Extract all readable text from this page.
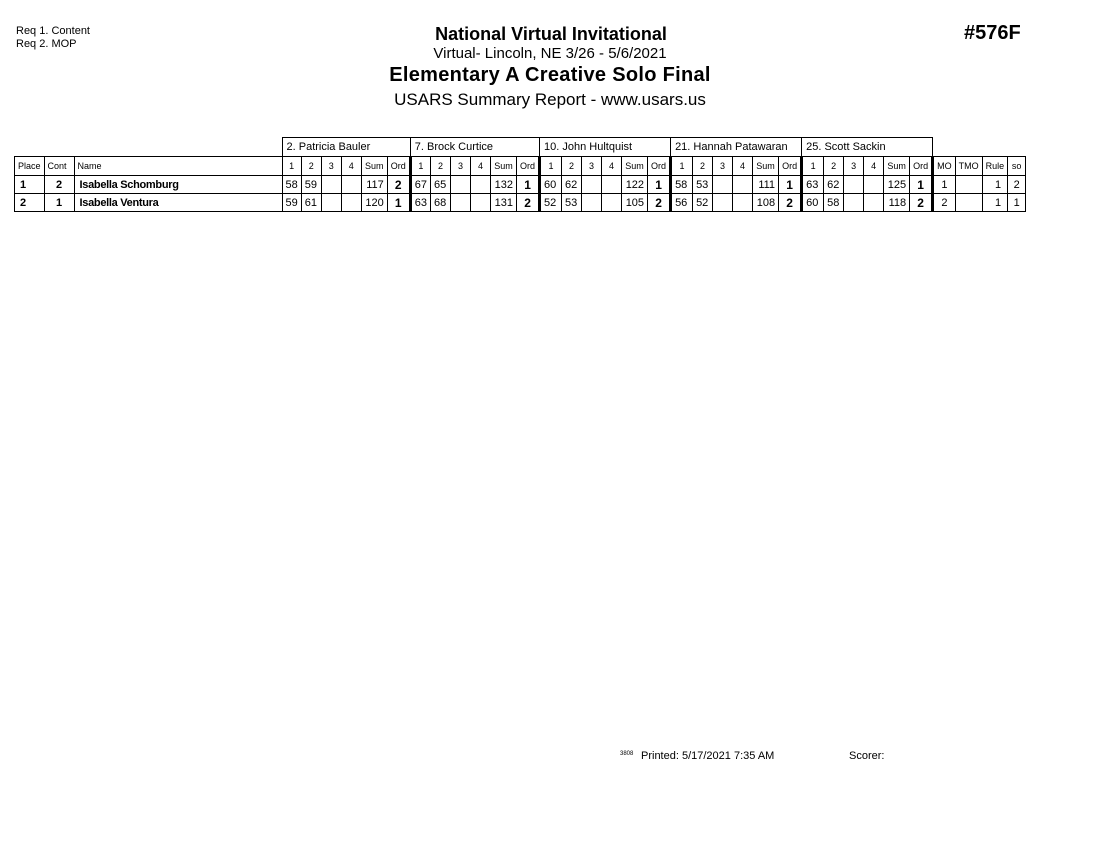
Req 1. Content
Req 2. MOP	#576F
National Virtual Invitational
Virtual- Lincoln, NE 3/26 - 5/6/2021
Elementary A Creative Solo Final
USARS Summary Report - www.usars.us
			2. Patricia Bauler						7. Brock Curtice						10. John Hultquist						21. Hannah Patawaran						25. Scott Sackin									
Place	Cont	Name	1	2	3	4	Sum	Ord	1	2	3	4	Sum	Ord	1	2	3	4	Sum	Ord	1	2	3	4	Sum	Ord	1	2	3	4	Sum	Ord	MO	TMO	Rule	so
1	2	Isabella Schomburg	58	59			117	2	67	65			132	1	60	62			122	1	58	53			111	1	63	62			125	1	1		1	2
2	1	Isabella Ventura	59	61			120	1	63	68			131	2	52	53			105	2	56	52			108	2	60	58			118	2	2		1	1
3808 Printed: 5/17/2021 7:35 AM	Scorer:
